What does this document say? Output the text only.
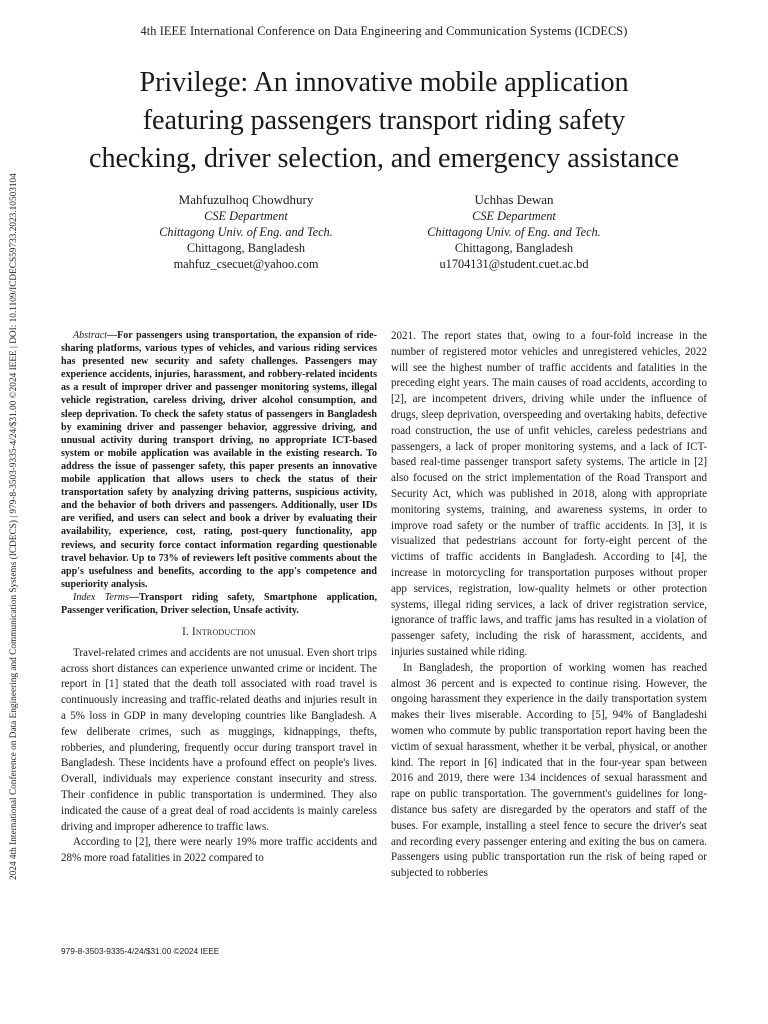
4th IEEE International Conference on Data Engineering and Communication Systems (ICDECS)
Privilege: An innovative mobile application
featuring passengers transport riding safety
checking, driver selection, and emergency assistance
Mahfuzulhoq Chowdhury
CSE Department
Chittagong Univ. of Eng. and Tech.
Chittagong, Bangladesh
mahfuz_csecuet@yahoo.com
Uchhas Dewan
CSE Department
Chittagong Univ. of Eng. and Tech.
Chittagong, Bangladesh
u1704131@student.cuet.ac.bd

Abstract—For passengers using transportation, the expansion of ride-sharing platforms, various types of vehicles, and various riding services has presented new security and safety challenges. Passengers may experience accidents, injuries, harassment, and robbery-related incidents as a result of improper driver and passenger monitoring systems, illegal vehicle registration, careless driving, driver alcohol consumption, and sleep deprivation. To check the safety status of passengers in Bangladesh by examining driver and passenger behavior, aggressive driving, and unusual activity during transport driving, no appropriate ICT-based system or mobile application was available in the existing research. To address the issue of passenger safety, this paper presents an innovative mobile application that allows users to check the status of their transportation safety by analyzing driving patterns, suspicious activity, and the behavior of both drivers and passengers. Additionally, user IDs are verified, and users can select and book a driver by evaluating their availability, experience, cost, rating, post-query functionality, app reviews, and security force contact information regarding questionable travel behavior. Up to 73% of reviewers left positive comments about the app's usefulness and benefits, according to the app's competence and superiority analysis.

Index Terms—Transport riding safety, Smartphone application, Passenger verification, Driver selection, Unsafe activity.

I. Introduction

Travel-related crimes and accidents are not unusual. Even short trips across short distances can experience unwanted crime or incident. The report in [1] stated that the death toll associated with road travel is continuously increasing and traffic-related deaths and injuries result in a 5% loss in GDP in many developing countries like Bangladesh. A few deliberate crimes, such as muggings, kidnappings, thefts, robberies, and plundering, frequently occur during transport travel in Bangladesh. These incidents have a profound effect on people's lives. Overall, individuals may experience constant insecurity and stress. Their confidence in public transportation is undermined. They also indicated the cause of a great deal of road accidents is mainly careless driving and improper adherence to traffic laws.

According to [2], there were nearly 19% more traffic accidents and 28% more road fatalities in 2022 compared to

2021. The report states that, owing to a four-fold increase in the number of registered motor vehicles and unregistered vehicles, 2022 will see the highest number of traffic accidents and fatalities in the preceding eight years. The main causes of road accidents, according to [2], are incompetent drivers, driving while under the influence of drugs, sleep deprivation, overspeeding and overtaking habits, defective road construction, the use of unfit vehicles, careless pedestrians and passengers, a lack of proper monitoring systems, and a lack of ICT-based real-time passenger transport safety systems. The article in [2] also focused on the strict implementation of the Road Transport and Security Act, which was published in 2018, along with appropriate monitoring systems, training, and awareness systems, in order to improve road safety or the number of traffic accidents. In [3], it is visualized that pedestrians account for forty-eight percent of the victims of traffic accidents in Bangladesh. According to [4], the increase in motorcycling for transportation purposes without proper app services, registration, low-quality helmets or other protection systems, illegal riding services, a lack of driver registration service, ignorance of traffic laws, and traffic jams has resulted in a violation of passenger safety, including the risk of harassment, accidents, and injuries sustained while riding.

In Bangladesh, the proportion of working women has reached almost 36 percent and is expected to continue rising. However, the ongoing harassment they experience in the daily transportation system makes their lives miserable. According to [5], 94% of Bangladeshi women who commute by public transportation report having been the victim of sexual harassment, whether it be verbal, physical, or another kind. The report in [6] indicated that in the four-year span between 2016 and 2019, there were 134 incidences of sexual harassment and rape on public transportation. The government's guidelines for long-distance bus safety are disregarded by the operators and staff of the buses. For example, installing a steel fence to secure the driver's seat and recording every passenger entering and exiting the bus on camera. Passengers using public transportation run the risk of being raped or subjected to robberies

979-8-3503-9335-4/24/$31.00 ©2024 IEEE
2024 4th International Conference on Data Engineering and Communication Systems (ICDECS) | 979-8-3503-9335-4/24/$31.00 ©2024 IEEE | DOI: 10.1109/ICDECS59733.2023.10503104
